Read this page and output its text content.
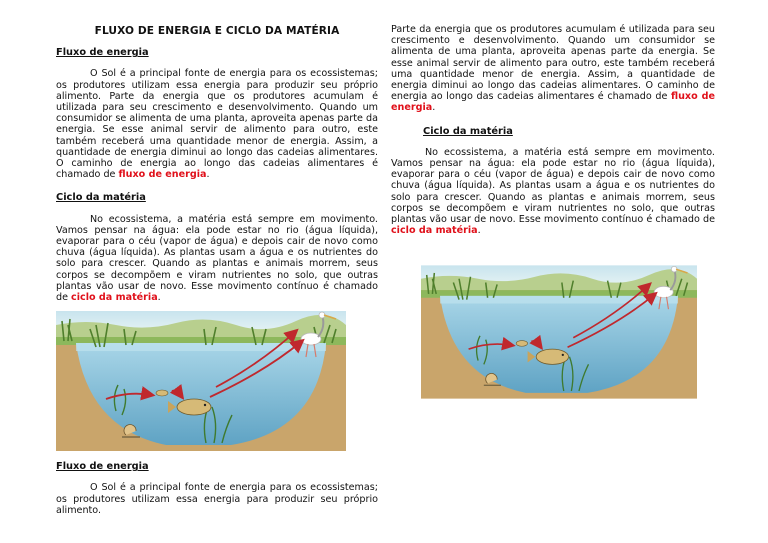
FLUXO DE ENERGIA E CICLO DA MATÉRIA
Fluxo de energia

O Sol é a principal fonte de energia para os ecossistemas; os produtores utilizam essa energia para produzir seu próprio alimento. Parte da energia que os produtores acumulam é utilizada para seu crescimento e desenvolvimento. Quando um consumidor se alimenta de uma planta, aproveita apenas parte da energia. Se esse animal servir de alimento para outro, este também receberá uma quantidade menor de energia. Assim, a quantidade de energia diminui ao longo das cadeias alimentares. O caminho de energia ao longo das cadeias alimentares é chamado de fluxo de energia.

Ciclo da matéria

No ecossistema, a matéria está sempre em movimento. Vamos pensar na água: ela pode estar no rio (água líquida), evaporar para o céu (vapor de água) e depois cair de novo como chuva (água líquida). As plantas usam a água e os nutrientes do solo para crescer. Quando as plantas e animais morrem, seus corpos se decompõem e viram nutrientes no solo, que outras plantas vão usar de novo. Esse movimento contínuo é chamado de ciclo da matéria.

Fluxo de energia

O Sol é a principal fonte de energia para os ecossistemas; os produtores utilizam essa energia para produzir seu próprio alimento.

Parte da energia que os produtores acumulam é utilizada para seu crescimento e desenvolvimento. Quando um consumidor se alimenta de uma planta, aproveita apenas parte da energia. Se esse animal servir de alimento para outro, este também receberá uma quantidade menor de energia. Assim, a quantidade de energia diminui ao longo das cadeias alimentares. O caminho de energia ao longo das cadeias alimentares é chamado de fluxo de energia.

Ciclo da matéria

No ecossistema, a matéria está sempre em movimento. Vamos pensar na água: ela pode estar no rio (água líquida), evaporar para o céu (vapor de água) e depois cair de novo como chuva (água líquida). As plantas usam a água e os nutrientes do solo para crescer. Quando as plantas e animais morrem, seus corpos se decompõem e viram nutrientes no solo, que outras plantas vão usar de novo. Esse movimento contínuo é chamado de ciclo da matéria.
